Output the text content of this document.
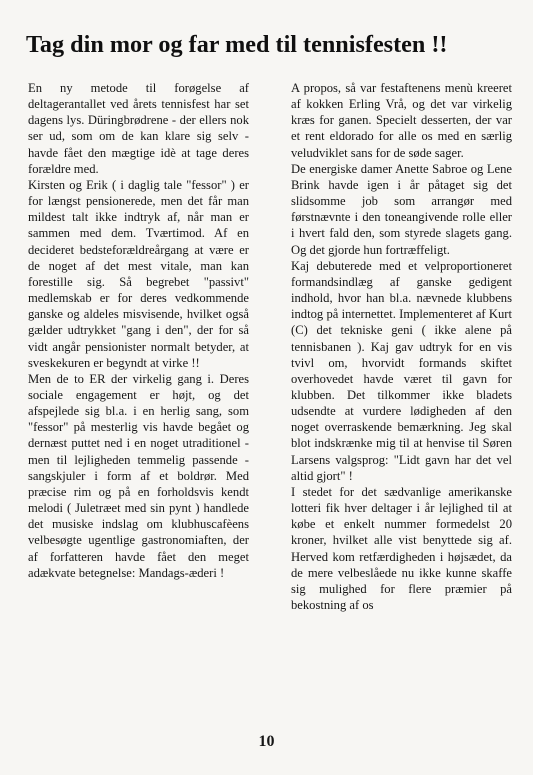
Tag din mor og far med til tennisfesten !!

En ny metode til forøgelse af deltagerantallet ved årets tennisfest har set dagens lys. Düringbrødrene - der ellers nok ser ud, som om de kan klare sig selv - havde fået den mægtige idè at tage deres forældre med.

Kirsten og Erik ( i daglig tale "fessor" ) er for længst pensionerede, men det får man mildest talt ikke indtryk af, når man er sammen med dem. Tværtimod. Af en decideret bedsteforældreårgang at være er de noget af det mest vitale, man kan forestille sig. Så begrebet "passivt" medlemskab er for deres vedkommende ganske og aldeles misvisende, hvilket også gælder udtrykket "gang i den", der for så vidt angår pensionister normalt betyder, at sveskekuren er begyndt at virke !!

Men de to ER der virkelig gang i. Deres sociale engagement er højt, og det afspejlede sig bl.a. i en herlig sang, som "fessor" på mesterlig vis havde begået og dernæst puttet ned i en noget utraditionel - men til lejligheden temmelig passende - sangskjuler i form af et boldrør. Med præcise rim og på en forholdsvis kendt melodi ( Juletræet med sin pynt ) handlede det musiske indslag om klubhuscafèens velbesøgte ugentlige gastronomiaften, der af forfatteren havde fået den meget adækvate betegnelse: Mandags-æderi !

A propos, så var festaftenens menù kreeret af kokken Erling Vrå, og det var virkelig kræs for ganen. Specielt desserten, der var et rent eldorado for alle os med en særlig veludviklet sans for de søde sager.

De energiske damer Anette Sabroe og Lene Brink havde igen i år påtaget sig det slidsomme job som arrangør med førstnævnte i den toneangivende rolle eller i hvert fald den, som styrede slagets gang. Og det gjorde hun fortræffeligt.

Kaj debuterede med et velproportioneret formandsindlæg af ganske gedigent indhold, hvor han bl.a. nævnede klubbens indtog på internettet. Implementeret af Kurt (C) det tekniske geni ( ikke alene på tennisbanen ). Kaj gav udtryk for en vis tvivl om, hvorvidt formands skiftet overhovedet havde været til gavn for klubben. Det tilkommer ikke bladets udsendte at vurdere lødigheden af den noget overraskende bemærkning. Jeg skal blot indskrænke mig til at henvise til Søren Larsens valgsprog: "Lidt gavn har det vel altid gjort" !

I stedet for det sædvanlige amerikanske lotteri fik hver deltager i år lejlighed til at købe et enkelt nummer formedelst 20 kroner, hvilket alle vist benyttede sig af. Herved kom retfærdigheden i højsædet, da de mere velbeslåede nu ikke kunne skaffe sig mulighed for flere præmier på bekostning af os

10
